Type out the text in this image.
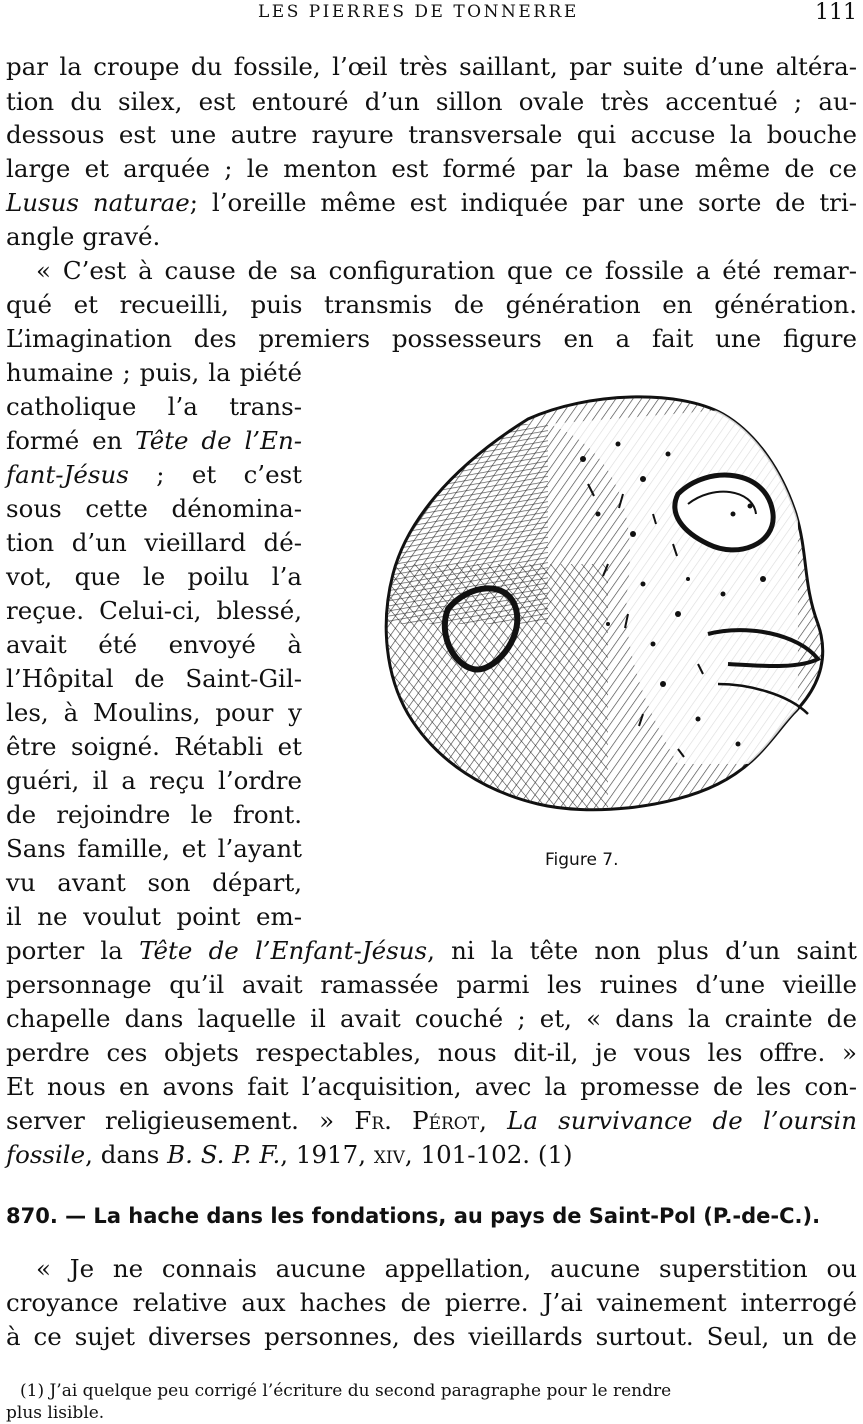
LES PIERRES DE TONNERRE	111
par la croupe du fossile, l’œil très saillant, par suite d’une altéra-
tion du silex, est entouré d’un sillon ovale très accentué ; au-
dessous est une autre rayure transversale qui accuse la bouche
large et arquée ; le menton est formé par la base même de ce
Lusus naturae; l’oreille même est indiquée par une sorte de tri-
angle gravé.
« C’est à cause de sa configuration que ce fossile a été remar-
qué et recueilli, puis transmis de génération en génération.
L’imagination des premiers possesseurs en a fait une figure
humaine ; puis, la piété
catholique l’a trans-
formé en Tête de l’En-
fant-Jésus ; et c’est
sous cette dénomina-
tion d’un vieillard dé-
vot, que le poilu l’a
reçue. Celui-ci, blessé,
avait été envoyé à
l’Hôpital de Saint-Gil-
les, à Moulins, pour y
être soigné. Rétabli et
guéri, il a reçu l’ordre
de rejoindre le front.
Sans famille, et l’ayant
vu avant son départ,
il ne voulut point em-
porter la Tête de l’Enfant-Jésus, ni la tête non plus d’un saint
personnage qu’il avait ramassée parmi les ruines d’une vieille
chapelle dans laquelle il avait couché ; et, « dans la crainte de
perdre ces objets respectables, nous dit-il, je vous les offre. »
Et nous en avons fait l’acquisition, avec la promesse de les con-
server religieusement. » Fr. Pérot, La survivance de l’oursin
fossile, dans B. S. P. F., 1917, xiv, 101-102. (1)
870. — La hache dans les fondations, au pays de Saint-Pol (P.-de-C.).
« Je ne connais aucune appellation, aucune superstition ou
croyance relative aux haches de pierre. J’ai vainement interrogé
à ce sujet diverses personnes, des vieillards surtout. Seul, un de
Figure 7.
(1) J’ai quelque peu corrigé l’écriture du second paragraphe pour le rendre
plus lisible.
